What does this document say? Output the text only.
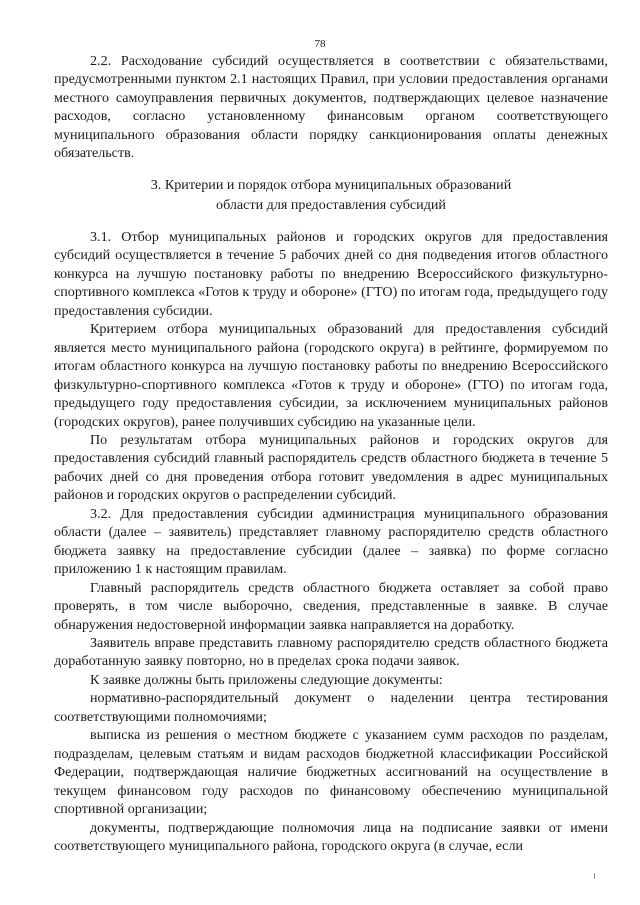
78

2.2. Расходование субсидий осуществляется в соответствии с обязательствами, предусмотренными пунктом 2.1 настоящих Правил, при условии предоставления органами местного самоуправления первичных документов, подтверждающих целевое назначение расходов, согласно установленному финансовым органом соответствующего муниципального образования области порядку санкционирования оплаты денежных обязательств.

3. Критерии и порядок отбора муниципальных образований
области для предоставления субсидий

3.1. Отбор муниципальных районов и городских округов для предоставления субсидий осуществляется в течение 5 рабочих дней со дня подведения итогов областного конкурса на лучшую постановку работы по внедрению Всероссийского физкультурно-спортивного комплекса «Готов к труду и обороне» (ГТО) по итогам года, предыдущего году предоставления субсидии.

Критерием отбора муниципальных образований для предоставления субсидий является место муниципального района (городского округа) в рейтинге, формируемом по итогам областного конкурса на лучшую постановку работы по внедрению Всероссийского физкультурно-спортивного комплекса «Готов к труду и обороне» (ГТО) по итогам года, предыдущего году предоставления субсидии, за исключением муниципальных районов (городских округов), ранее получивших субсидию на указанные цели.

По результатам отбора муниципальных районов и городских округов для предоставления субсидий главный распорядитель средств областного бюджета в течение 5 рабочих дней со дня проведения отбора готовит уведомления в адрес муниципальных районов и городских округов о распределении субсидий.

3.2. Для предоставления субсидии администрация муниципального образования области (далее – заявитель) представляет главному распорядителю средств областного бюджета заявку на предоставление субсидии (далее – заявка) по форме согласно приложению 1 к настоящим правилам.

Главный распорядитель средств областного бюджета оставляет за собой право проверять, в том числе выборочно, сведения, представленные в заявке. В случае обнаружения недостоверной информации заявка направляется на доработку.

Заявитель вправе представить главному распорядителю средств областного бюджета доработанную заявку повторно, но в пределах срока подачи заявок.

К заявке должны быть приложены следующие документы:

нормативно-распорядительный документ о наделении центра тестирования соответствующими полномочиями;

выписка из решения о местном бюджете с указанием сумм расходов по разделам, подразделам, целевым статьям и видам расходов бюджетной классификации Российской Федерации, подтверждающая наличие бюджетных ассигнований на осуществление в текущем финансовом году расходов по финансовому обеспечению муниципальной спортивной организации;

документы, подтверждающие полномочия лица на подписание заявки от имени соответствующего муниципального района, городского округа (в случае, если
